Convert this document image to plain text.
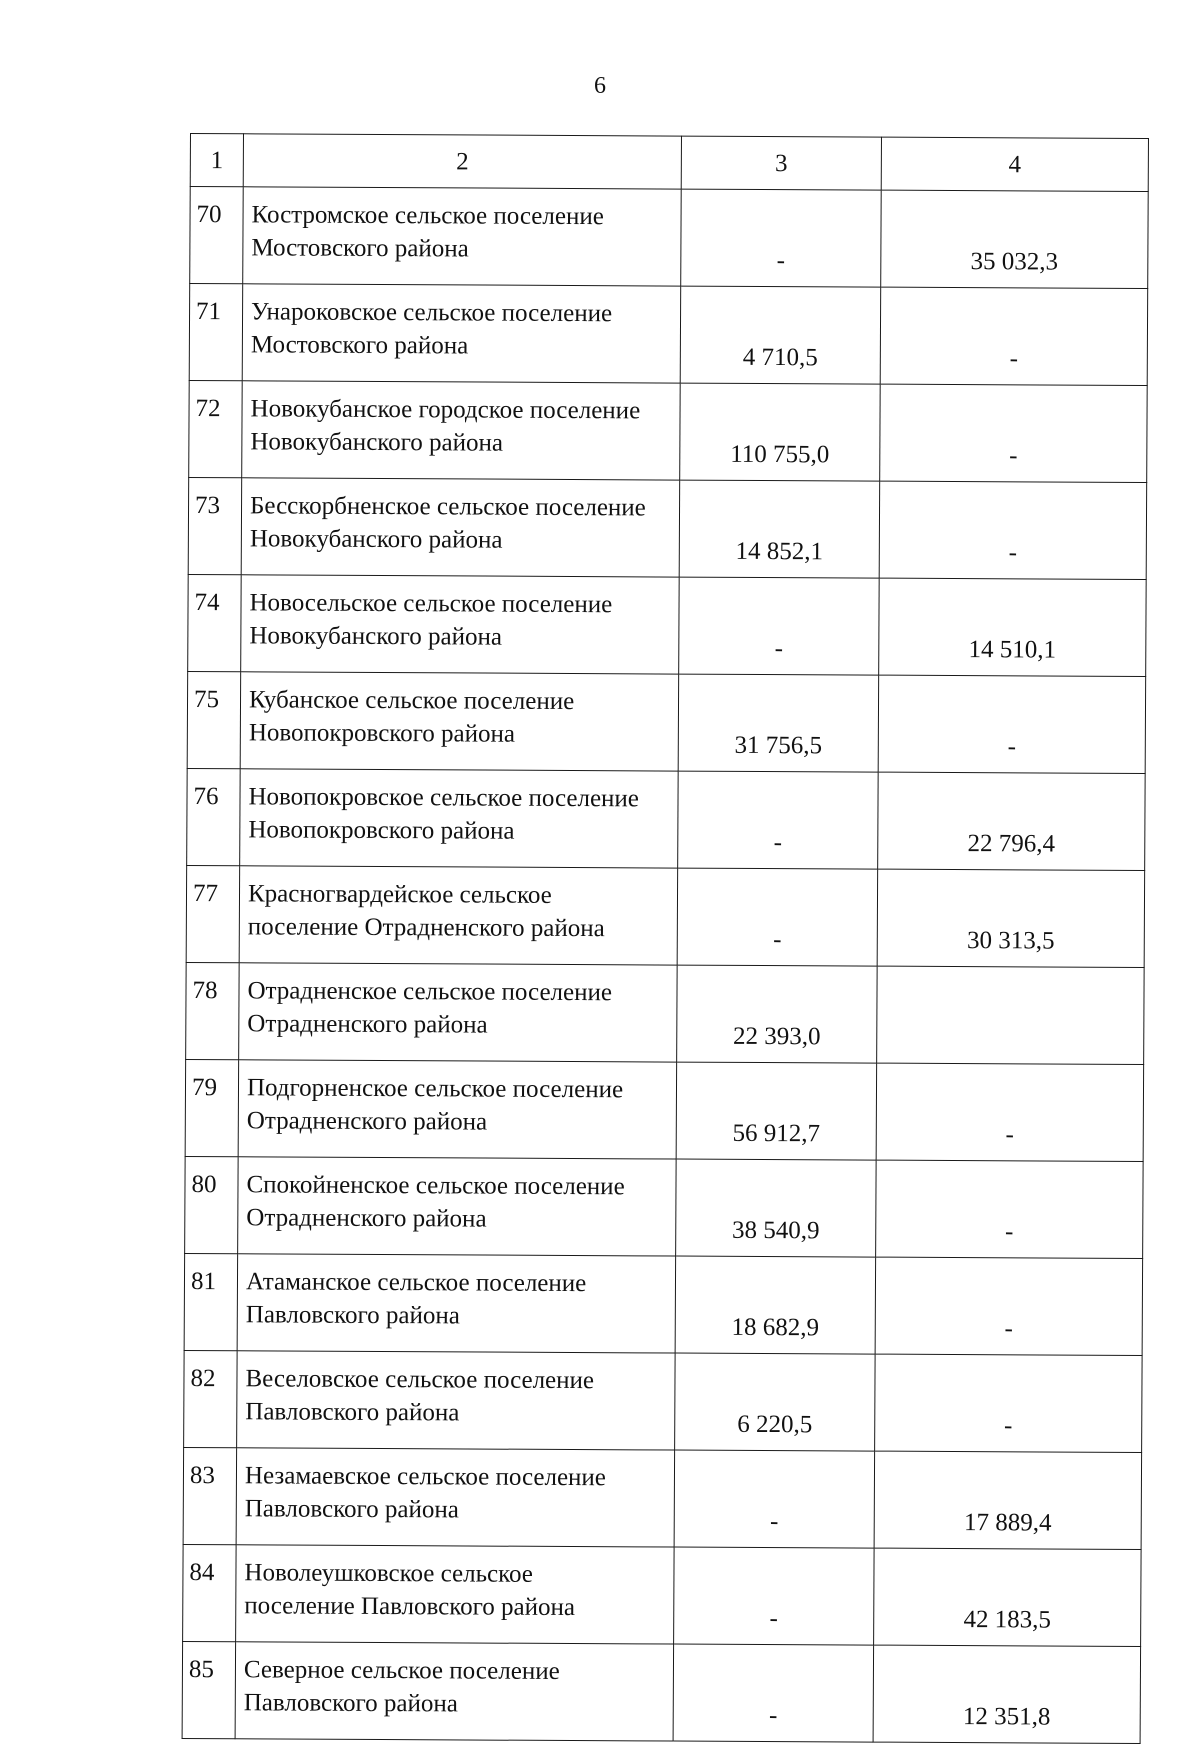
6
1	2	3	4
70	Костромское сельское поселение
Мостовского района	-	35 032,3
71	Унароковское сельское поселение
Мостовского района	4 710,5	-
72	Новокубанское городское поселение
Новокубанского района	110 755,0	-
73	Бесскорбненское сельское поселение
Новокубанского района	14 852,1	-
74	Новосельское сельское поселение
Новокубанского района	-	14 510,1
75	Кубанское сельское поселение
Новопокровского района	31 756,5	-
76	Новопокровское сельское поселение
Новопокровского района	-	22 796,4
77	Красногвардейское сельское
поселение Отрадненского района	-	30 313,5
78	Отрадненское сельское поселение
Отрадненского района	22 393,0	
79	Подгорненское сельское поселение
Отрадненского района	56 912,7	-
80	Спокойненское сельское поселение
Отрадненского района	38 540,9	-
81	Атаманское сельское поселение
Павловского района	18 682,9	-
82	Веселовское сельское поселение
Павловского района	6 220,5	-
83	Незамаевское сельское поселение
Павловского района	-	17 889,4
84	Новолеушковское сельское
поселение Павловского района	-	42 183,5
85	Северное сельское поселение
Павловского района	-	12 351,8
